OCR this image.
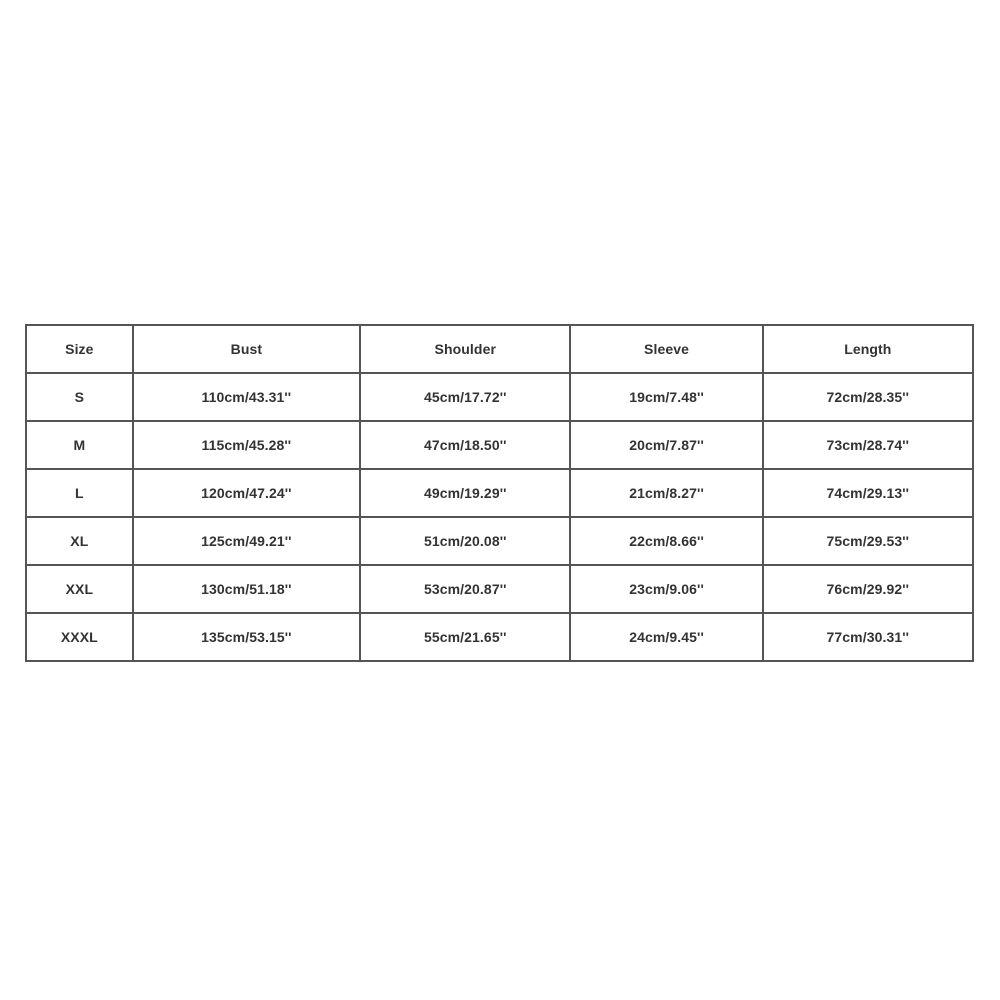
Size	Bust	Shoulder	Sleeve	Length
S	110cm/43.31''	45cm/17.72''	19cm/7.48''	72cm/28.35''
M	115cm/45.28''	47cm/18.50''	20cm/7.87''	73cm/28.74''
L	120cm/47.24''	49cm/19.29''	21cm/8.27''	74cm/29.13''
XL	125cm/49.21''	51cm/20.08''	22cm/8.66''	75cm/29.53''
XXL	130cm/51.18''	53cm/20.87''	23cm/9.06''	76cm/29.92''
XXXL	135cm/53.15''	55cm/21.65''	24cm/9.45''	77cm/30.31''
